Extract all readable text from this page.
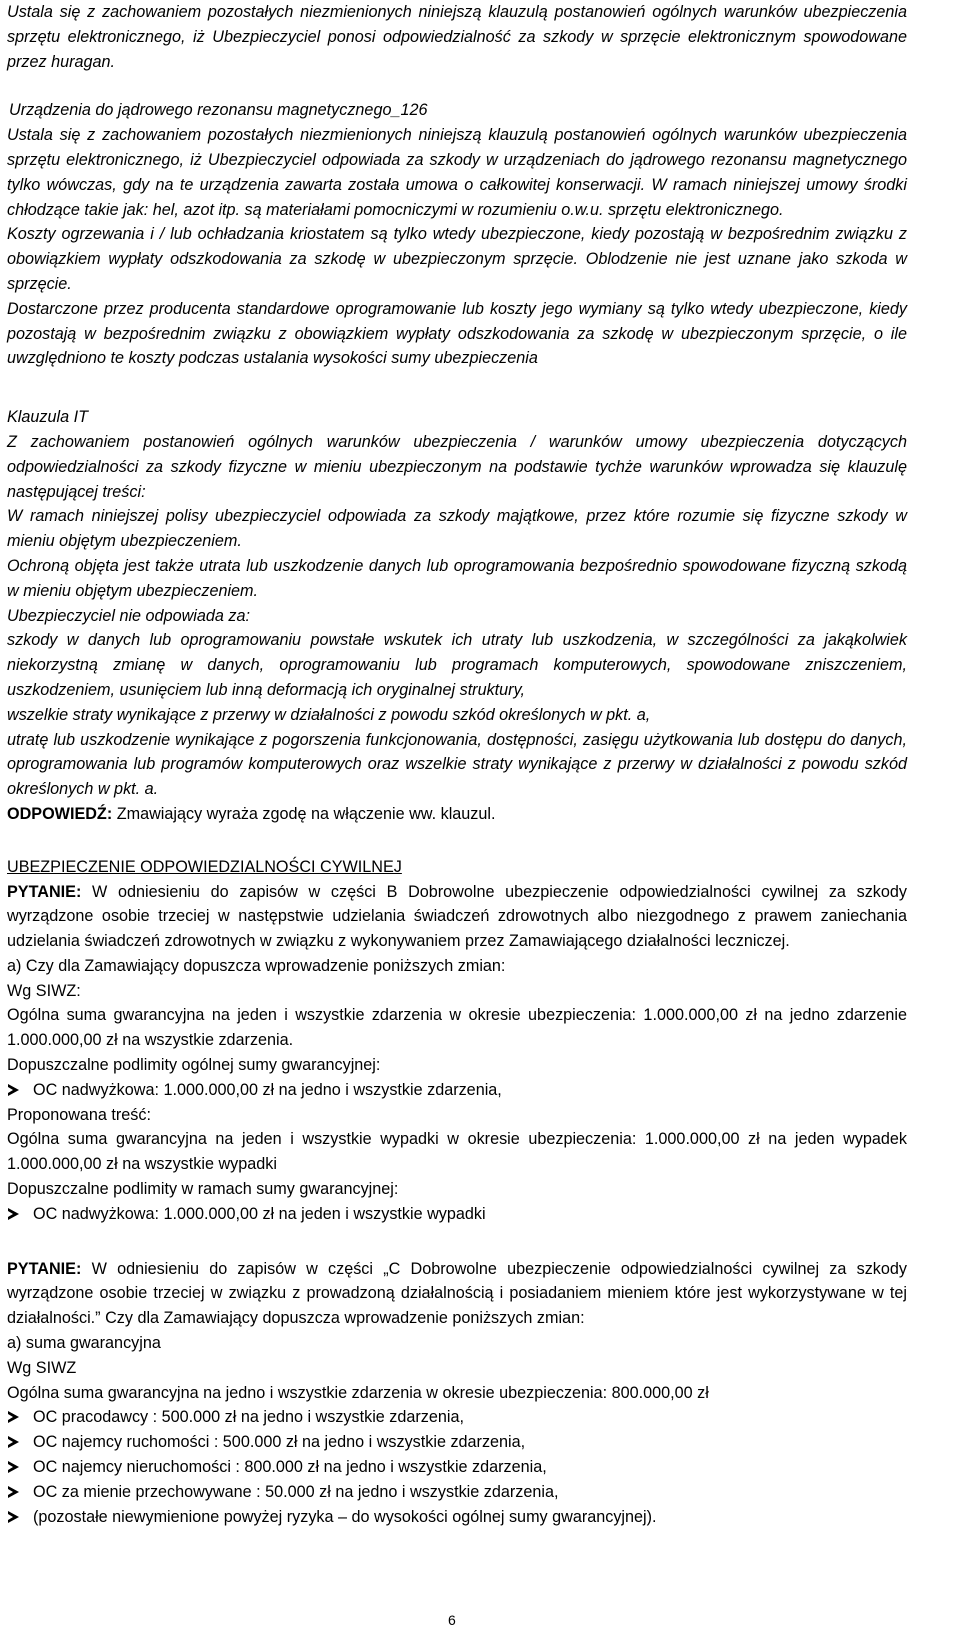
Ustala się z zachowaniem pozostałych niezmienionych niniejszą klauzulą postanowień ogólnych warunków ubezpieczenia sprzętu elektronicznego, iż Ubezpieczyciel ponosi odpowiedzialność za szkody w sprzęcie elektronicznym spowodowane przez huragan.

Urządzenia do jądrowego rezonansu magnetycznego_126

Ustala się z zachowaniem pozostałych niezmienionych niniejszą klauzulą postanowień ogólnych warunków ubezpieczenia sprzętu elektronicznego, iż Ubezpieczyciel odpowiada za szkody w urządzeniach do jądrowego rezonansu magnetycznego tylko wówczas, gdy na te urządzenia zawarta została umowa o całkowitej konserwacji. W ramach niniejszej umowy środki chłodzące takie jak: hel, azot itp. są materiałami pomocniczymi w rozumieniu o.w.u. sprzętu elektronicznego.

Koszty ogrzewania i / lub ochładzania kriostatem są tylko wtedy ubezpieczone, kiedy pozostają w bezpośrednim związku z obowiązkiem wypłaty odszkodowania za szkodę w ubezpieczonym sprzęcie. Oblodzenie nie jest uznane jako szkoda w sprzęcie.

Dostarczone przez producenta standardowe oprogramowanie lub koszty jego wymiany są tylko wtedy ubezpieczone, kiedy pozostają w bezpośrednim związku z obowiązkiem wypłaty odszkodowania za szkodę w ubezpieczonym sprzęcie, o ile uwzględniono te koszty podczas ustalania wysokości sumy ubezpieczenia

Klauzula IT

Z zachowaniem postanowień ogólnych warunków ubezpieczenia / warunków umowy ubezpieczenia dotyczących odpowiedzialności za szkody fizyczne w mieniu ubezpieczonym na podstawie tychże warunków wprowadza się klauzulę następującej treści:

W ramach niniejszej polisy ubezpieczyciel odpowiada za szkody majątkowe, przez które rozumie się fizyczne szkody w mieniu objętym ubezpieczeniem.

Ochroną objęta jest także utrata lub uszkodzenie danych lub oprogramowania bezpośrednio spowodowane fizyczną szkodą w mieniu objętym ubezpieczeniem.

Ubezpieczyciel nie odpowiada za:

szkody w danych lub oprogramowaniu powstałe wskutek ich utraty lub uszkodzenia, w szczególności za jakąkolwiek niekorzystną zmianę w danych, oprogramowaniu lub programach komputerowych, spowodowane zniszczeniem, uszkodzeniem, usunięciem lub inną deformacją ich oryginalnej struktury,

wszelkie straty wynikające z przerwy w działalności z powodu szkód określonych w pkt. a,

utratę lub uszkodzenie wynikające z pogorszenia funkcjonowania, dostępności, zasięgu użytkowania lub dostępu do danych, oprogramowania lub programów komputerowych oraz wszelkie straty wynikające z przerwy w działalności z powodu szkód określonych w pkt. a.

ODPOWIEDŹ: Zmawiający wyraża zgodę na włączenie ww. klauzul.

UBEZPIECZENIE ODPOWIEDZIALNOŚCI CYWILNEJ

PYTANIE: W odniesieniu do zapisów w części B Dobrowolne ubezpieczenie odpowiedzialności cywilnej za szkody wyrządzone osobie trzeciej w następstwie udzielania świadczeń zdrowotnych albo niezgodnego z prawem zaniechania udzielania świadczeń zdrowotnych w związku z wykonywaniem przez Zamawiającego działalności leczniczej.

a) Czy dla Zamawiający dopuszcza wprowadzenie poniższych zmian:

Wg SIWZ:

Ogólna suma gwarancyjna na jeden i wszystkie zdarzenia w okresie ubezpieczenia: 1.000.000,00 zł na jedno zdarzenie 1.000.000,00 zł na wszystkie zdarzenia.

Dopuszczalne podlimity ogólnej sumy gwarancyjnej:

OC nadwyżkowa: 1.000.000,00 zł na jedno i wszystkie zdarzenia,

Proponowana treść:

Ogólna suma gwarancyjna na jeden i wszystkie wypadki w okresie ubezpieczenia: 1.000.000,00 zł na jeden wypadek 1.000.000,00 zł na wszystkie wypadki

Dopuszczalne podlimity w ramach sumy gwarancyjnej:

OC nadwyżkowa: 1.000.000,00 zł na jeden i wszystkie wypadki

PYTANIE: W odniesieniu do zapisów w części „C Dobrowolne ubezpieczenie odpowiedzialności cywilnej za szkody wyrządzone osobie trzeciej w związku z prowadzoną działalnością i posiadaniem mieniem które jest wykorzystywane w tej działalności.” Czy dla Zamawiający dopuszcza wprowadzenie poniższych zmian:

a) suma gwarancyjna

Wg SIWZ

Ogólna suma gwarancyjna na jedno i wszystkie zdarzenia w okresie ubezpieczenia: 800.000,00 zł

OC pracodawcy : 500.000 zł na jedno i wszystkie zdarzenia,

OC najemcy ruchomości : 500.000 zł na jedno i wszystkie zdarzenia,

OC najemcy nieruchomości : 800.000 zł na jedno i wszystkie zdarzenia,

OC za mienie przechowywane : 50.000 zł na jedno i wszystkie zdarzenia,

(pozostałe niewymienione powyżej ryzyka – do wysokości ogólnej sumy gwarancyjnej).

6
